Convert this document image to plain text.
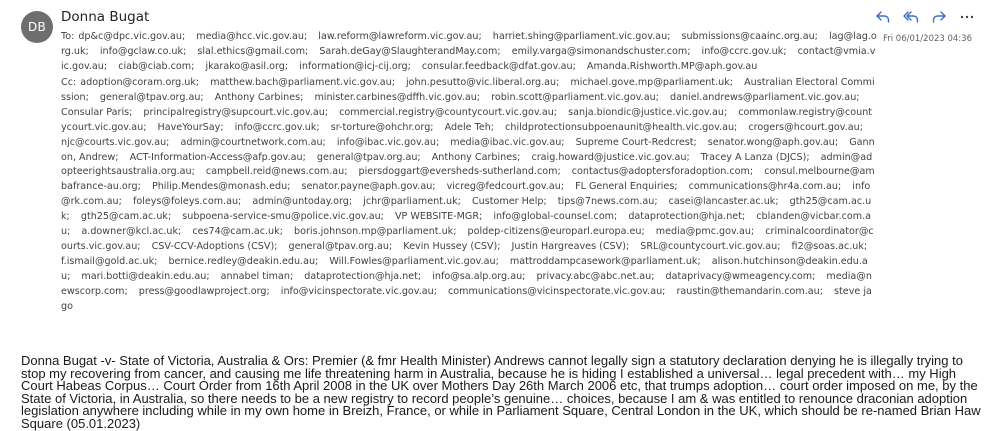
DB
Donna Bugat
Fri 06/01/2023 04:36
To: dp&c@dpc.vic.gov.au; media@hcc.vic.gov.au; law.reform@lawreform.vic.gov.au; harriet.shing@parliament.vic.gov.au; submissions@caainc.org.au; lag@lag.org.uk; info@gclaw.co.uk; slal.ethics@gmail.com; Sarah.deGay@SlaughterandMay.com; emily.varga@simonandschuster.com; info@ccrc.gov.uk; contact@vmia.vic.gov.au; ciab@ciab.com; jkarako@asil.org; information@icj-cij.org; consular.feedback@dfat.gov.au; Amanda.Rishworth.MP@aph.gov.au
Cc: adoption@coram.org.uk; matthew.bach@parliament.vic.gov.au; john.pesutto@vic.liberal.org.au; michael.gove.mp@parliament.uk; Australian Electoral Commission; general@tpav.org.au; Anthony Carbines; minister.carbines@dffh.vic.gov.au; robin.scott@parliament.vic.gov.au; daniel.andrews@parliament.vic.gov.au; Consular Paris; principalregistry@supcourt.vic.gov.au; commercial.registry@countycourt.vic.gov.au; sanja.biondic@justice.vic.gov.au; commonlaw.registry@countycourt.vic.gov.au; HaveYourSay; info@ccrc.gov.uk; sr-torture@ohchr.org; Adele Teh; childprotectionsubpoenaunit@health.vic.gov.au; crogers@hcourt.gov.au; njc@courts.vic.gov.au; admin@courtnetwork.com.au; info@ibac.vic.gov.au; media@ibac.vic.gov.au; Supreme Court-Redcrest; senator.wong@aph.gov.au; Gannon, Andrew; ACT-Information-Access@afp.gov.au; general@tpav.org.au; Anthony Carbines; craig.howard@justice.vic.gov.au; Tracey A Lanza (DJCS); admin@adopteerightsaustralia.org.au; campbell.reid@news.com.au; piersdoggart@eversheds-sutherland.com; contactus@adoptersforadoption.com; consul.melbourne@ambafrance-au.org; Philip.Mendes@monash.edu; senator.payne@aph.gov.au; vicreg@fedcourt.gov.au; FL General Enquiries; communications@hr4a.com.au; info@rk.com.au; foleys@foleys.com.au; admin@untoday.org; jchr@parliament.uk; Customer Help; tips@7news.com.au; casei@lancaster.ac.uk; gth25@cam.ac.uk; gth25@cam.ac.uk; subpoena-service-smu@police.vic.gov.au; VP WEBSITE-MGR; info@global-counsel.com; dataprotection@hja.net; cblanden@vicbar.com.au; a.downer@kcl.ac.uk; ces74@cam.ac.uk; boris.johnson.mp@parliament.uk; poldep-citizens@europarl.europa.eu; media@pmc.gov.au; criminalcoordinator@courts.vic.gov.au; CSV-CCV-Adoptions (CSV); general@tpav.org.au; Kevin Hussey (CSV); Justin Hargreaves (CSV); SRL@countycourt.vic.gov.au; fi2@soas.ac.uk; f.ismail@gold.ac.uk; bernice.redley@deakin.edu.au; Will.Fowles@parliament.vic.gov.au; mattroddampcasework@parliament.uk; alison.hutchinson@deakin.edu.au; mari.botti@deakin.edu.au; annabel timan; dataprotection@hja.net; info@sa.alp.org.au; privacy.abc@abc.net.au; dataprivacy@wmeagency.com; media@newscorp.com; press@goodlawproject.org; info@vicinspectorate.vic.gov.au; communications@vicinspectorate.vic.gov.au; raustin@themandarin.com.au; steve jago
Donna Bugat -v- State of Victoria, Australia & Ors: Premier (& fmr Health Minister) Andrews cannot legally sign a statutory declaration denying he is illegally trying to stop my recovering from cancer, and causing me life threatening harm in Australia, because he is hiding I established a universal… legal precedent with… my High Court Habeas Corpus… Court Order from 16th April 2008 in the UK over Mothers Day 26th March 2006 etc, that trumps adoption… court order imposed on me, by the State of Victoria, in Australia, so there needs to be a new registry to record people’s genuine… choices, because I am & was entitled to renounce draconian adoption legislation anywhere including while in my own home in Breizh, France, or while in Parliament Square, Central London in the UK, which should be re-named Brian Haw Square (05.01.2023)
